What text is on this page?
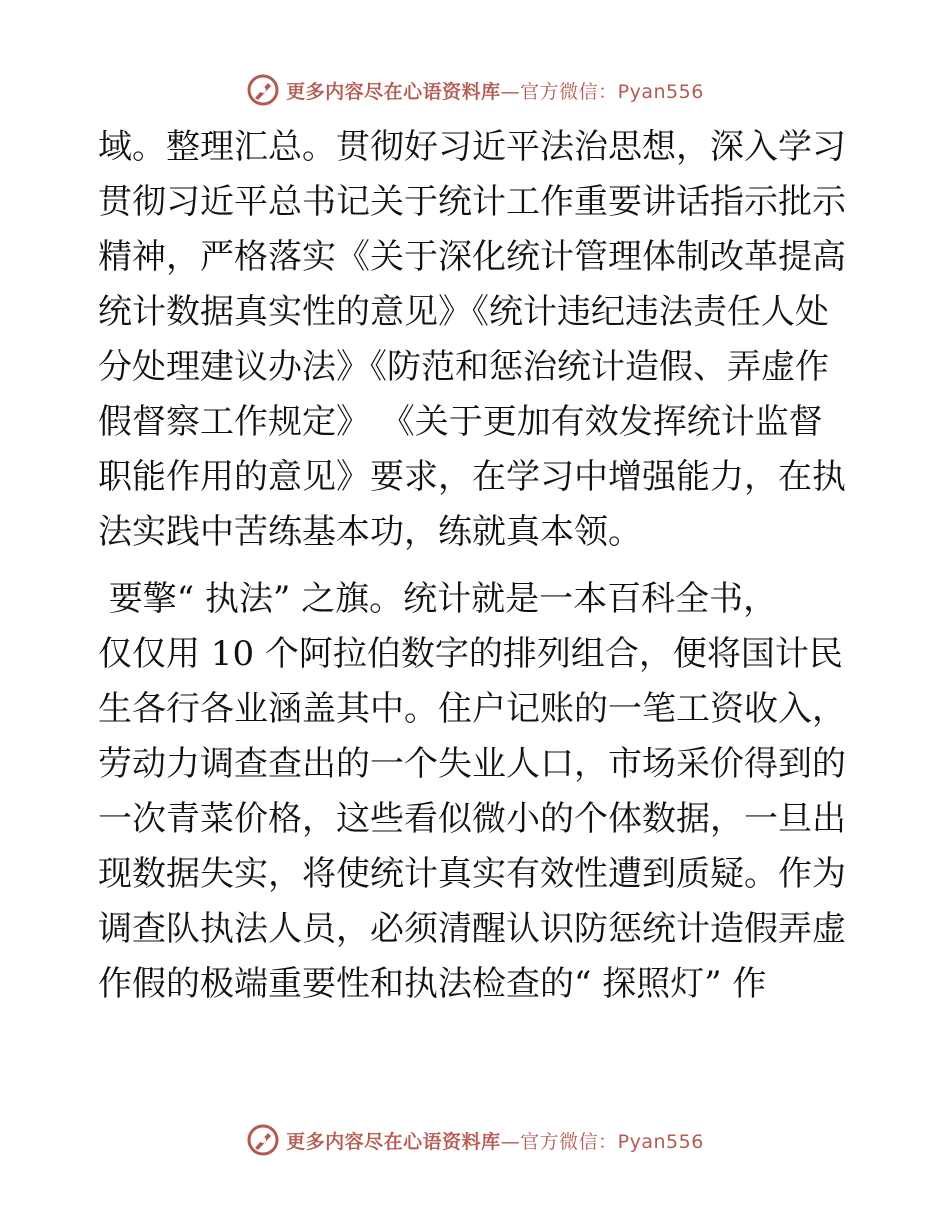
更多内容尽在心语资料库—官方微信：Pyan556
域。整理汇总。贯彻好习近平法治思想，深入学习
贯彻习近平总书记关于统计工作重要讲话指示批示
精神，严格落实《关于深化统计管理体制改革提高
统计数据真实性的意见》《统计违纪违法责任人处
分处理建议办法》《防范和惩治统计造假、弄虚作
假督察工作规定》 《关于更加有效发挥统计监督
职能作用的意见》要求，在学习中增强能力，在执
法实践中苦练基本功，练就真本领。
要擎“ 执法” 之旗。统计就是一本百科全书，
仅仅用 10 个阿拉伯数字的排列组合，便将国计民
生各行各业涵盖其中。住户记账的一笔工资收入，
劳动力调查查出的一个失业人口，市场采价得到的
一次青菜价格，这些看似微小的个体数据，一旦出
现数据失实，将使统计真实有效性遭到质疑。作为
调查队执法人员，必须清醒认识防惩统计造假弄虚
作假的极端重要性和执法检查的“ 探照灯” 作
更多内容尽在心语资料库—官方微信：Pyan556
